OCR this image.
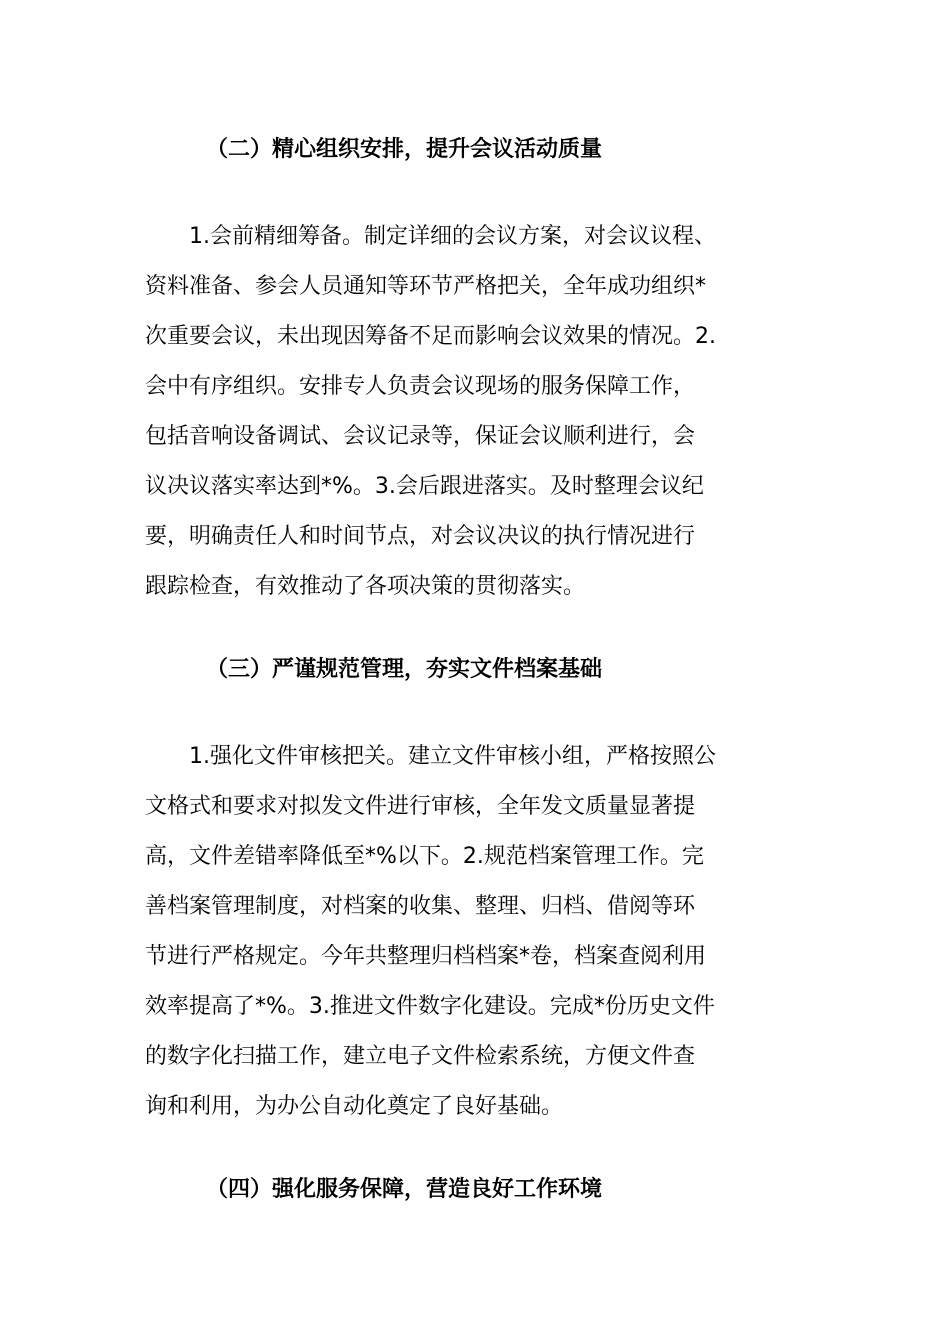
（二）精心组织安排，提升会议活动质量
　　1.会前精细筹备。制定详细的会议方案，对会议议程、
资料准备、参会人员通知等环节严格把关，全年成功组织*
次重要会议，未出现因筹备不足而影响会议效果的情况。2.
会中有序组织。安排专人负责会议现场的服务保障工作，
包括音响设备调试、会议记录等，保证会议顺利进行，会
议决议落实率达到*%。3.会后跟进落实。及时整理会议纪
要，明确责任人和时间节点，对会议决议的执行情况进行
跟踪检查，有效推动了各项决策的贯彻落实。
（三）严谨规范管理，夯实文件档案基础
　　1.强化文件审核把关。建立文件审核小组，严格按照公
文格式和要求对拟发文件进行审核，全年发文质量显著提
高，文件差错率降低至*%以下。2.规范档案管理工作。完
善档案管理制度，对档案的收集、整理、归档、借阅等环
节进行严格规定。今年共整理归档档案*卷，档案查阅利用
效率提高了*%。3.推进文件数字化建设。完成*份历史文件
的数字化扫描工作，建立电子文件检索系统，方便文件查
询和利用，为办公自动化奠定了良好基础。
（四）强化服务保障，营造良好工作环境
